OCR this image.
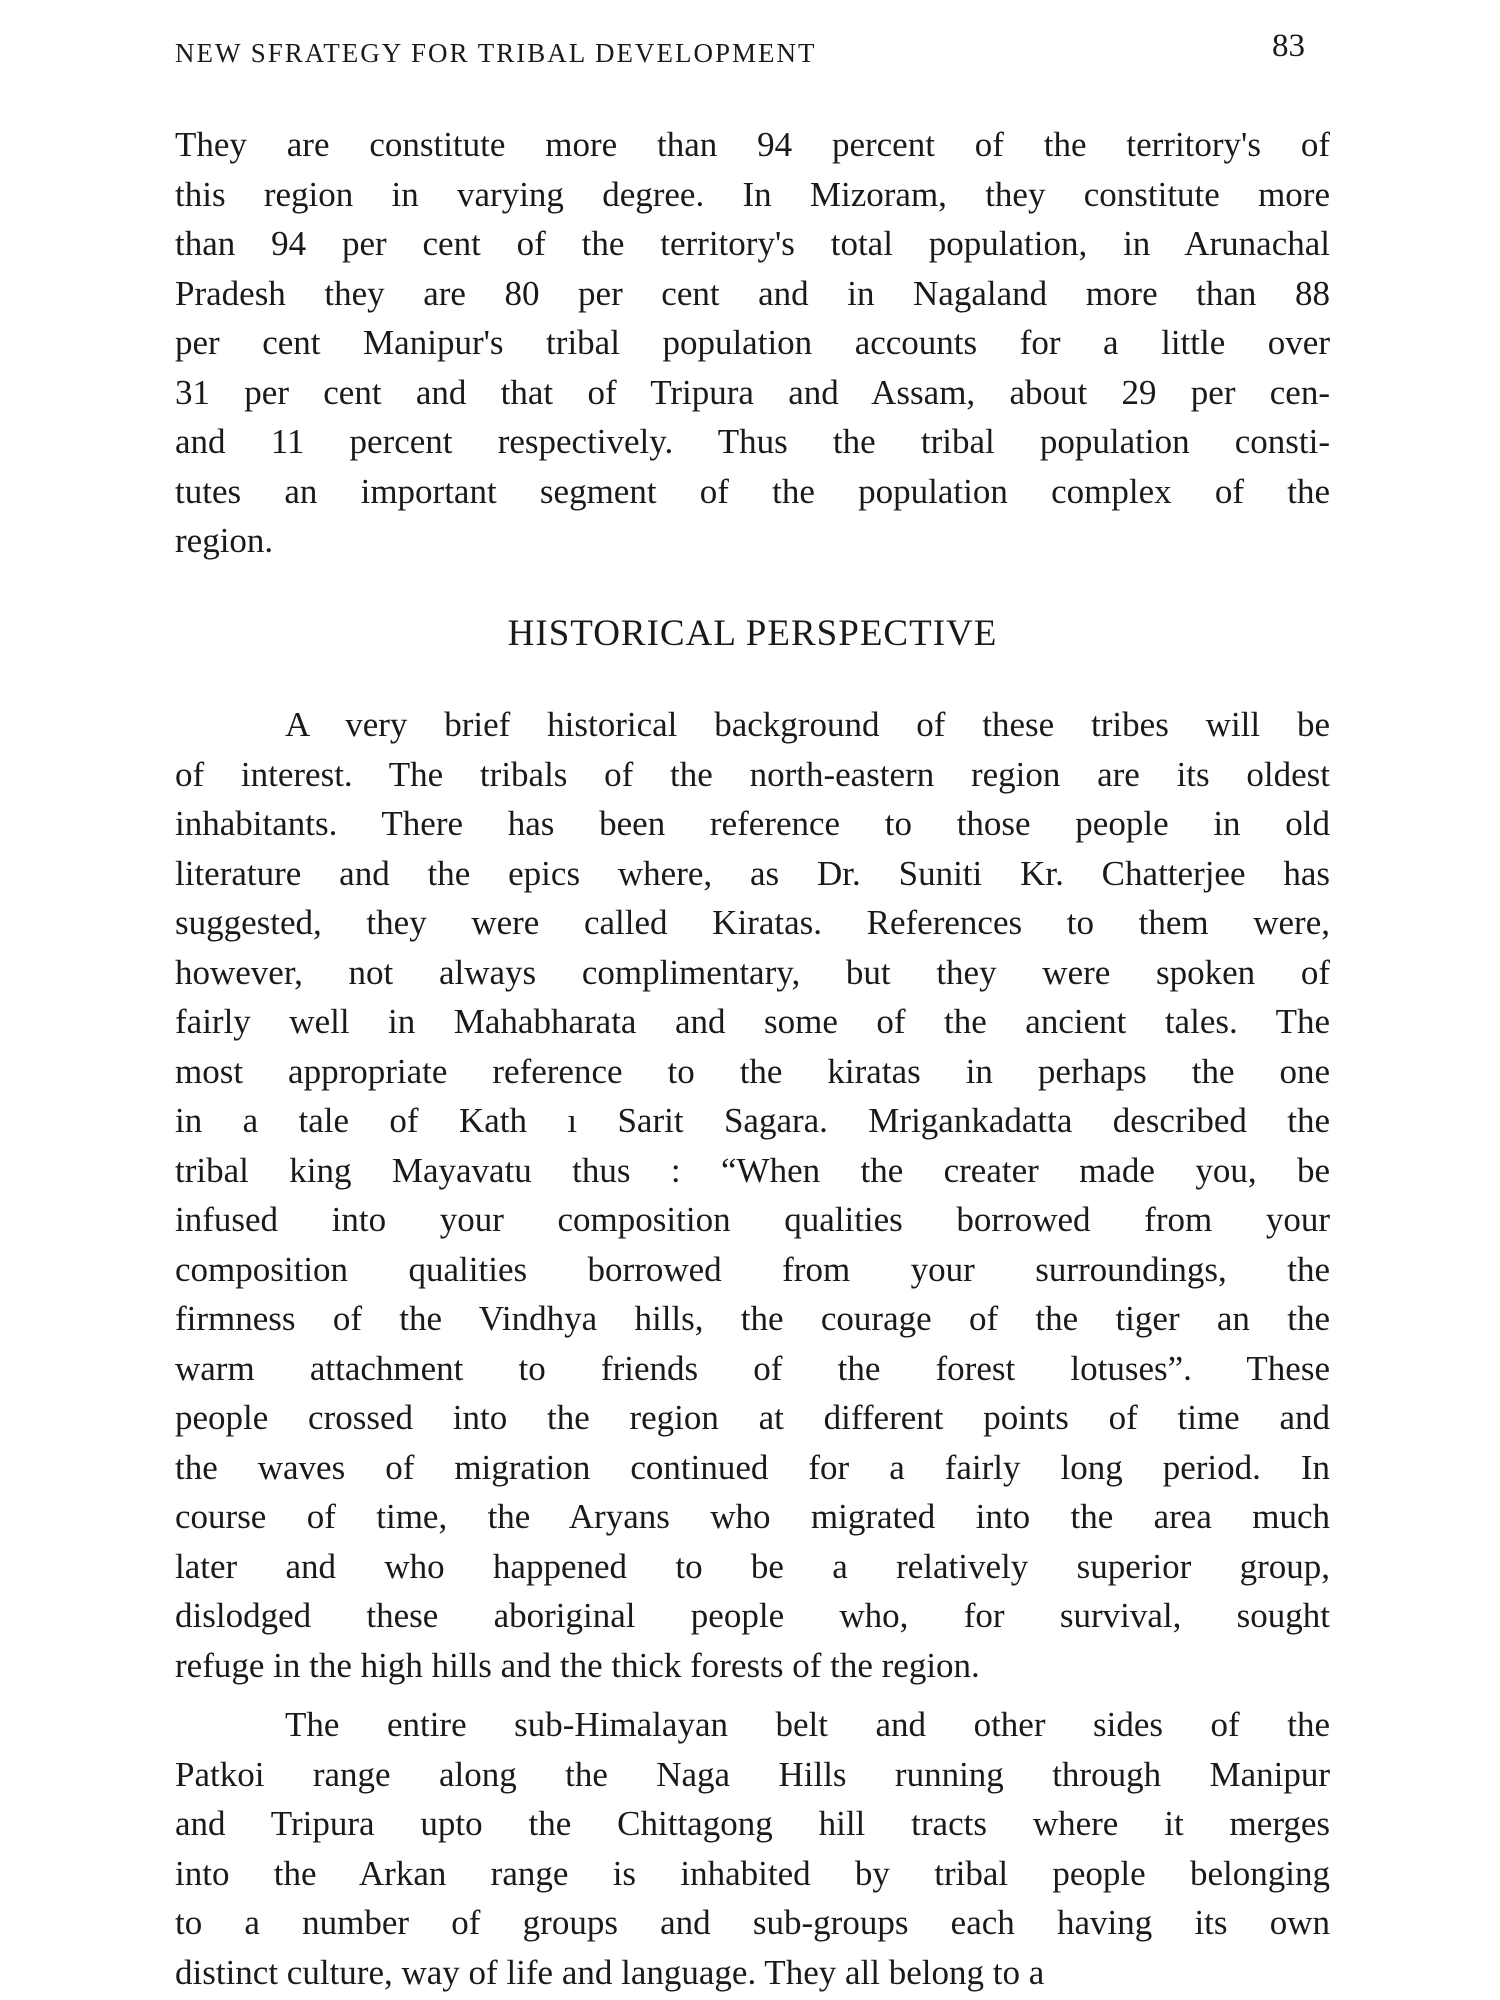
NEW SFRATEGY FOR TRIBAL DEVELOPMENT	83
They are constitute more than 94 percent of the territory's of
this region in varying degree. In Mizoram, they constitute more
than 94 per cent of the territory's total population, in Arunachal
Pradesh they are 80 per cent and in Nagaland more than 88
per cent Manipur's tribal population accounts for a little over
31 per cent and that of Tripura and Assam, about 29 per cen-
and 11 percent respectively. Thus the tribal population consti-
tutes an important segment of the population complex of the
region.
HISTORICAL PERSPECTIVE
A very brief historical background of these tribes will be
of interest. The tribals of the north-eastern region are its oldest
inhabitants. There has been reference to those people in old
literature and the epics where, as Dr. Suniti Kr. Chatterjee has
suggested, they were called Kiratas. References to them were,
however, not always complimentary, but they were spoken of
fairly well in Mahabharata and some of the ancient tales. The
most appropriate reference to the kiratas in perhaps the one
in a tale of Kath ı Sarit Sagara. Mrigankadatta described the
tribal king Mayavatu thus : “When the creater made you, be
infused into your composition qualities borrowed from your
composition qualities borrowed from your surroundings, the
firmness of the Vindhya hills, the courage of the tiger an the
warm attachment to friends of the forest lotuses”. These
people crossed into the region at different points of time and
the waves of migration continued for a fairly long period. In
course of time, the Aryans who migrated into the area much
later and who happened to be a relatively superior group,
dislodged these aboriginal people who, for survival, sought
refuge in the high hills and the thick forests of the region.
The entire sub-Himalayan belt and other sides of the
Patkoi range along the Naga Hills running through Manipur
and Tripura upto the Chittagong hill tracts where it merges
into the Arkan range is inhabited by tribal people belonging
to a number of groups and sub-groups each having its own
distinct culture, way of life and language. They all belong to a
